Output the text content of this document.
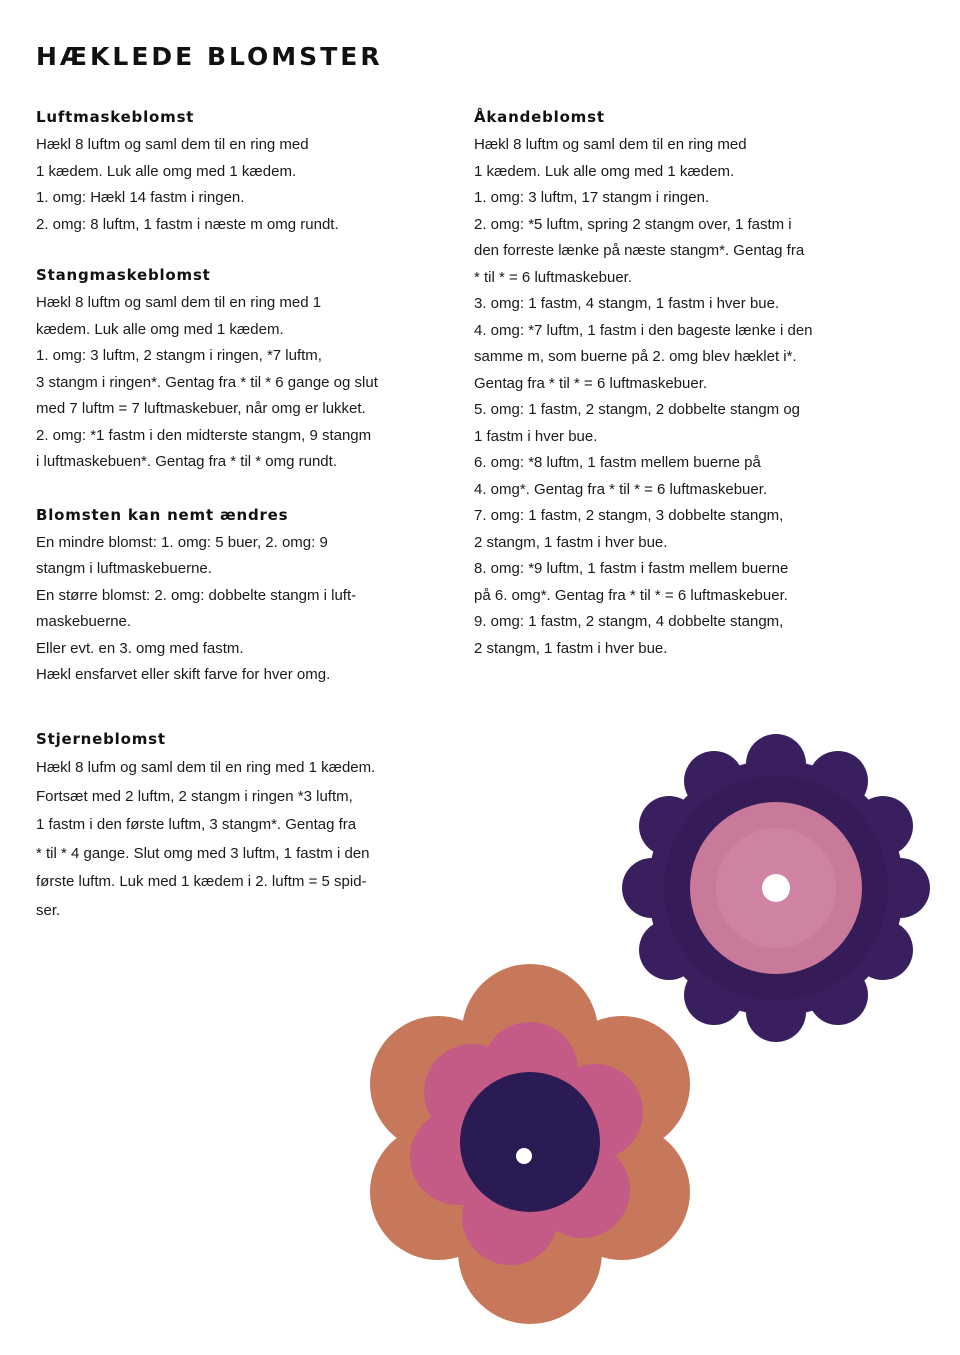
HÆKLEDE BLOMSTER
Luftmaskeblomst
Hækl 8 luftm og saml dem til en ring med
1 kædem. Luk alle omg med 1 kædem.
1. omg: Hækl 14 fastm i ringen.
2. omg: 8 luftm, 1 fastm i næste m omg rundt.
Stangmaskeblomst
Hækl 8 luftm og saml dem til en ring med 1
kædem. Luk alle omg med 1 kædem.
1. omg: 3 luftm, 2 stangm i ringen, *7 luftm,
3 stangm i ringen*. Gentag fra * til * 6 gange og slut
med 7 luftm = 7 luftmaskebuer, når omg er lukket.
2. omg: *1 fastm i den midterste stangm, 9 stangm
i luftmaskebuen*. Gentag fra * til * omg rundt.
Blomsten kan nemt ændres
En mindre blomst: 1. omg: 5 buer, 2. omg: 9
stangm i luftmaskebuerne.
En større blomst: 2. omg: dobbelte stangm i luft-
maskebuerne.
Eller evt. en 3. omg med fastm.
Hækl ensfarvet eller skift farve for hver omg.
Åkandeblomst
Hækl 8 luftm og saml dem til en ring med
1 kædem. Luk alle omg med 1 kædem.
1. omg: 3 luftm, 17 stangm i ringen.
2. omg: *5 luftm, spring 2 stangm over, 1 fastm i
den forreste lænke på næste stangm*. Gentag fra
* til * = 6 luftmaskebuer.
3. omg: 1 fastm, 4 stangm, 1 fastm i hver bue.
4. omg: *7 luftm, 1 fastm i den bageste lænke i den
samme m, som buerne på 2. omg blev hæklet i*.
Gentag fra * til * = 6 luftmaskebuer.
5. omg: 1 fastm, 2 stangm, 2 dobbelte stangm og
1 fastm i hver bue.
6. omg: *8 luftm, 1 fastm mellem buerne på
4. omg*. Gentag fra * til * = 6 luftmaskebuer.
7. omg: 1 fastm, 2 stangm, 3 dobbelte stangm,
2 stangm, 1 fastm i hver bue.
8. omg: *9 luftm, 1 fastm i fastm mellem buerne
på 6. omg*. Gentag fra * til * = 6 luftmaskebuer.
9. omg: 1 fastm, 2 stangm, 4 dobbelte stangm,
2 stangm, 1 fastm i hver bue.
Stjerneblomst
Hækl 8 lufm og saml dem til en ring med 1 kædem.
Fortsæt med 2 luftm, 2 stangm i ringen *3 luftm,
1 fastm i den første luftm, 3 stangm*. Gentag fra
* til * 4 gange. Slut omg med 3 luftm, 1 fastm i den
første luftm. Luk med 1 kædem i 2. luftm = 5 spid-
ser.
